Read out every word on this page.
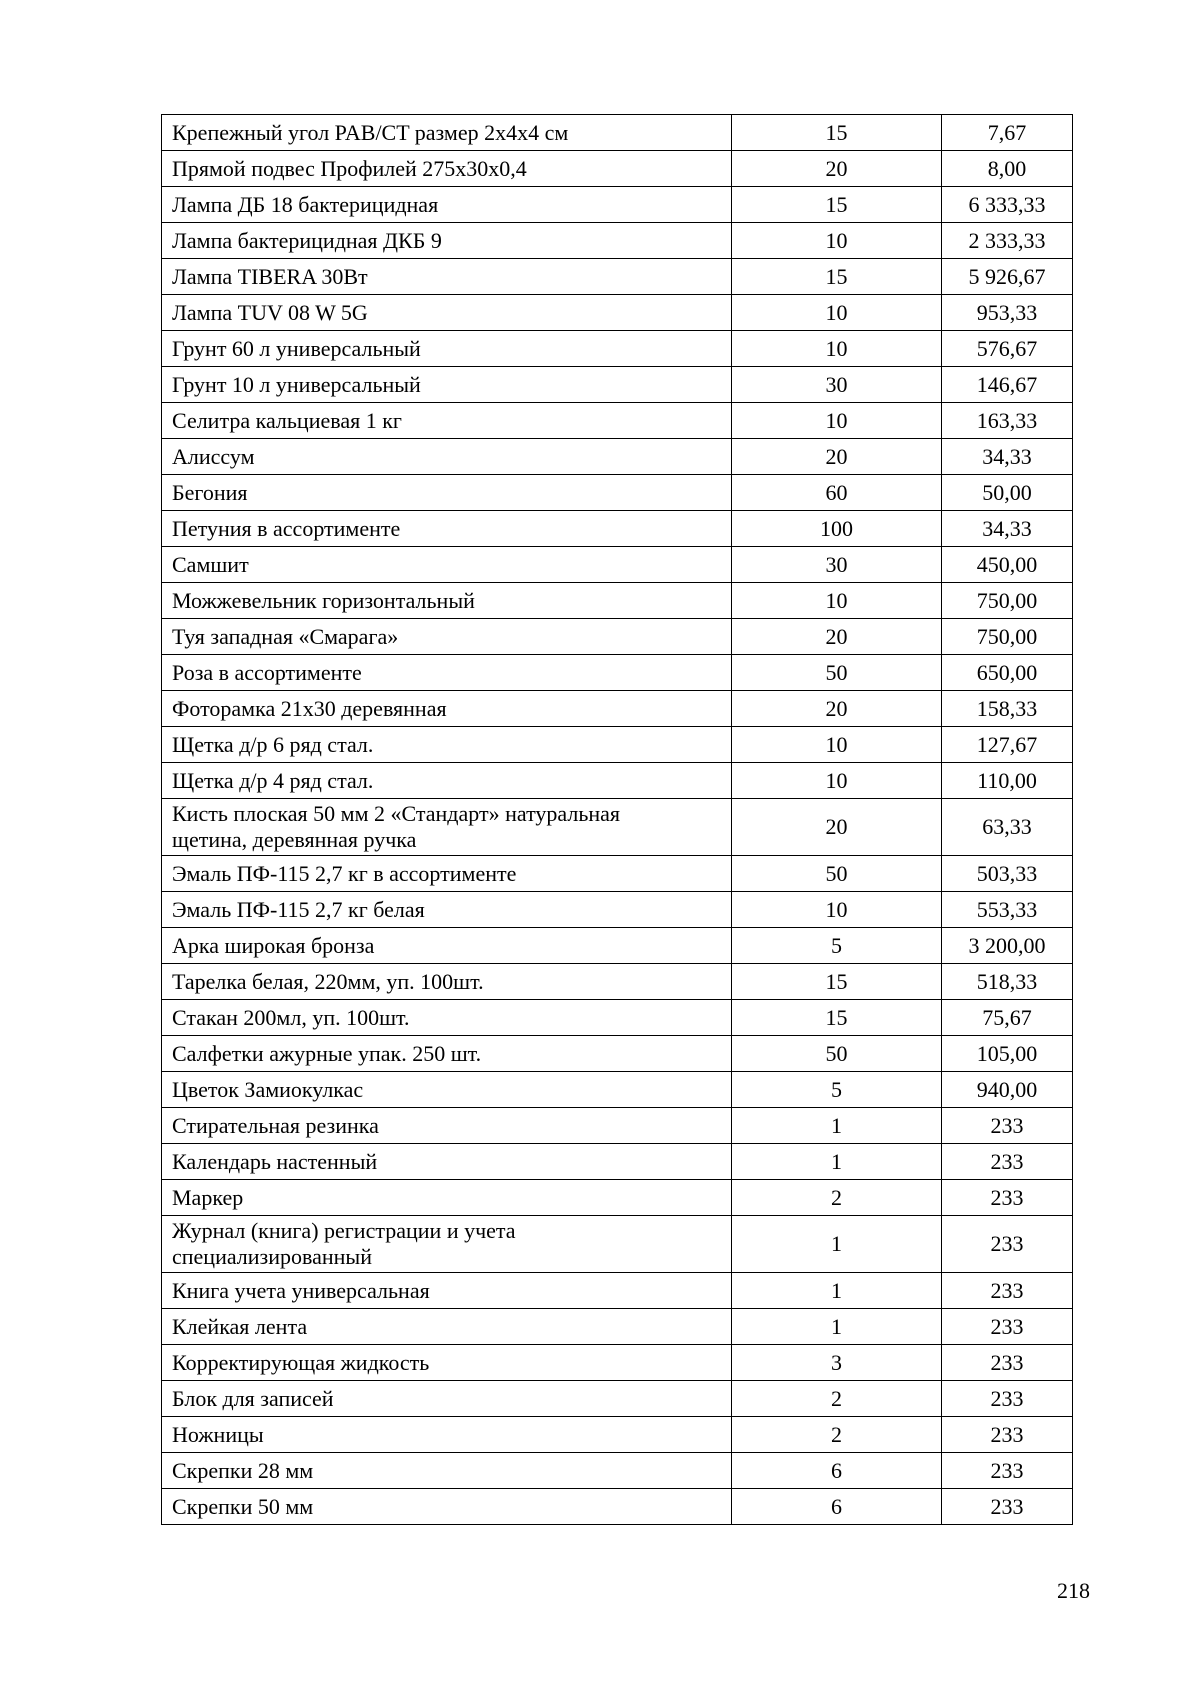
Крепежный угол PAB/CT размер 2х4х4 см	15	7,67
Прямой подвес Профилей 275х30х0,4	20	8,00
Лампа ДБ 18 бактерицидная	15	6 333,33
Лампа бактерицидная ДКБ 9	10	2 333,33
Лампа TIBERA 30Вт	15	5 926,67
Лампа TUV 08 W 5G	10	953,33
Грунт 60 л универсальный	10	576,67
Грунт 10 л универсальный	30	146,67
Селитра кальциевая 1 кг	10	163,33
Алиссум	20	34,33
Бегония	60	50,00
Петуния в ассортименте	100	34,33
Самшит	30	450,00
Можжевельник горизонтальный	10	750,00
Туя западная «Смарага»	20	750,00
Роза в ассортименте	50	650,00
Фоторамка 21х30 деревянная	20	158,33
Щетка д/р 6 ряд стал.	10	127,67
Щетка д/р 4 ряд стал.	10	110,00
Кисть плоская 50 мм 2 «Стандарт» натуральная
щетина, деревянная ручка	20	63,33
Эмаль ПФ-115 2,7 кг в ассортименте	50	503,33
Эмаль ПФ-115 2,7 кг белая	10	553,33
Арка широкая бронза	5	3 200,00
Тарелка белая, 220мм, уп. 100шт.	15	518,33
Стакан 200мл, уп. 100шт.	15	75,67
Салфетки ажурные упак. 250 шт.	50	105,00
Цветок Замиокулкас	5	940,00
Стирательная резинка	1	233
Календарь настенный	1	233
Маркер	2	233
Журнал (книга) регистрации и учета
специализированный	1	233
Книга учета универсальная	1	233
Клейкая лента	1	233
Корректирующая жидкость	3	233
Блок для записей	2	233
Ножницы	2	233
Скрепки 28 мм	6	233
Скрепки 50 мм	6	233
218
